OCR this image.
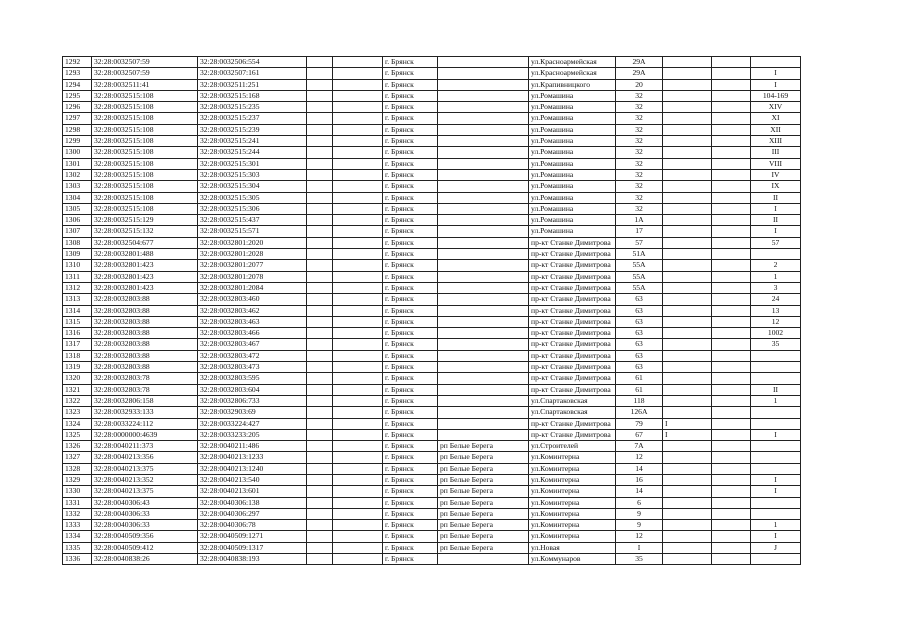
1292	32:28:0032507:59	32:28:0032506:554			г. Брянск		ул.Красноармейская	29А			
1293	32:28:0032507:59	32:28:0032507:161			г. Брянск		ул.Красноармейская	29А			I
1294	32:28:0032511:41	32:28:0032511:251			г. Брянск		ул.Крапивницкого	20			I
1295	32:28:0032515:108	32:28:0032515:168			г. Брянск		ул.Ромашина	32			104-169
1296	32:28:0032515:108	32:28:0032515:235			г. Брянск		ул.Ромашина	32			XIV
1297	32:28:0032515:108	32:28:0032515:237			г. Брянск		ул.Ромашина	32			XI
1298	32:28:0032515:108	32:28:0032515:239			г. Брянск		ул.Ромашина	32			XII
1299	32:28:0032515:108	32:28:0032515:241			г. Брянск		ул.Ромашина	32			XIII
1300	32:28:0032515:108	32:28:0032515:244			г. Брянск		ул.Ромашина	32			III
1301	32:28:0032515:108	32:28:0032515:301			г. Брянск		ул.Ромашина	32			VIII
1302	32:28:0032515:108	32:28:0032515:303			г. Брянск		ул.Ромашина	32			IV
1303	32:28:0032515:108	32:28:0032515:304			г. Брянск		ул.Ромашина	32			IX
1304	32:28:0032515:108	32:28:0032515:305			г. Брянск		ул.Ромашина	32			II
1305	32:28:0032515:108	32:28:0032515:306			г. Брянск		ул.Ромашина	32			I
1306	32:28:0032515:129	32:28:0032515:437			г. Брянск		ул.Ромашина	1А			II
1307	32:28:0032515:132	32:28:0032515:571			г. Брянск		ул.Ромашина	17			I
1308	32:28:0032504:677	32:28:0032801:2020			г. Брянск		пр-кт Станке Димитрова	57			57
1309	32:28:0032801:488	32:28:0032801:2028			г. Брянск		пр-кт Станке Димитрова	51А			
1310	32:28:0032801:423	32:28:0032801:2077			г. Брянск		пр-кт Станке Димитрова	55А			2
1311	32:28:0032801:423	32:28:0032801:2078			г. Брянск		пр-кт Станке Димитрова	55А			1
1312	32:28:0032801:423	32:28:0032801:2084			г. Брянск		пр-кт Станке Димитрова	55А			3
1313	32:28:0032803:88	32:28:0032803:460			г. Брянск		пр-кт Станке Димитрова	63			24
1314	32:28:0032803:88	32:28:0032803:462			г. Брянск		пр-кт Станке Димитрова	63			13
1315	32:28:0032803:88	32:28:0032803:463			г. Брянск		пр-кт Станке Димитрова	63			12
1316	32:28:0032803:88	32:28:0032803:466			г. Брянск		пр-кт Станке Димитрова	63			1002
1317	32:28:0032803:88	32:28:0032803:467			г. Брянск		пр-кт Станке Димитрова	63			35
1318	32:28:0032803:88	32:28:0032803:472			г. Брянск		пр-кт Станке Димитрова	63			
1319	32:28:0032803:88	32:28:0032803:473			г. Брянск		пр-кт Станке Димитрова	63			
1320	32:28:0032803:78	32:28:0032803:595			г. Брянск		пр-кт Станке Димитрова	61			
1321	32:28:0032803:78	32:28:0032803:604			г. Брянск		пр-кт Станке Димитрова	61			II
1322	32:28:0032806:158	32:28:0032806:733			г. Брянск		ул.Спартаковская	118			1
1323	32:28:0032933:133	32:28:0032903:69			г. Брянск		ул.Спартаковская	126А			
1324	32:28:0033224:112	32:28:0033224:427			г. Брянск		пр-кт Станке Димитрова	79	I		
1325	32:28:0000000:4639	32:28:0033233:205			г. Брянск		пр-кт Станке Димитрова	67	I		I
1326	32:28:0040211:373	32:28:0040211:486			г. Брянск	рп Белые Берега	ул.Строителей	7А			
1327	32:28:0040213:356	32:28:0040213:1233			г. Брянск	рп Белые Берега	ул.Коминтерна	12			
1328	32:28:0040213:375	32:28:0040213:1240			г. Брянск	рп Белые Берега	ул.Коминтерна	14			
1329	32:28:0040213:352	32:28:0040213:540			г. Брянск	рп Белые Берега	ул.Коминтерна	16			I
1330	32:28:0040213:375	32:28:0040213:601			г. Брянск	рп Белые Берега	ул.Коминтерна	14			I
1331	32:28:0040306:43	32:28:0040306:138			г. Брянск	рп Белые Берега	ул.Коминтерна	6			
1332	32:28:0040306:33	32:28:0040306:297			г. Брянск	рп Белые Берега	ул.Коминтерна	9			
1333	32:28:0040306:33	32:28:0040306:78			г. Брянск	рп Белые Берега	ул.Коминтерна	9			1
1334	32:28:0040509:356	32:28:0040509:1271			г. Брянск	рп Белые Берега	ул.Коминтерна	12			I
1335	32:28:0040509:412	32:28:0040509:1317			г. Брянск	рп Белые Берега	ул.Новая	I			J
1336	32:28:0040838:26	32:28:0040838:193			г. Брянск		ул.Коммунаров	35			
